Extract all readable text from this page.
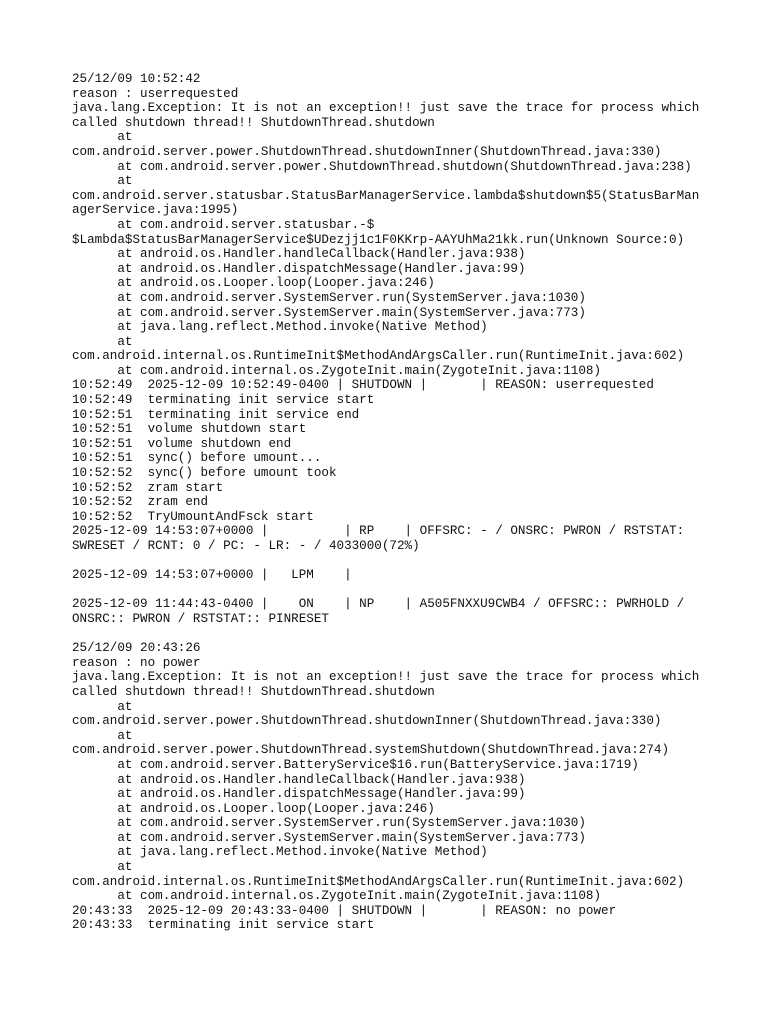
25/12/09 10:52:42
reason : userrequested
java.lang.Exception: It is not an exception!! just save the trace for process which
called shutdown thread!! ShutdownThread.shutdown
at
com.android.server.power.ShutdownThread.shutdownInner(ShutdownThread.java:330)
at com.android.server.power.ShutdownThread.shutdown(ShutdownThread.java:238)
at
com.android.server.statusbar.StatusBarManagerService.lambda$shutdown$5(StatusBarMan
agerService.java:1995)
at com.android.server.statusbar.-$
$Lambda$StatusBarManagerService$UDezjj1c1F0KKrp-AAYUhMa21kk.run(Unknown Source:0)
at android.os.Handler.handleCallback(Handler.java:938)
at android.os.Handler.dispatchMessage(Handler.java:99)
at android.os.Looper.loop(Looper.java:246)
at com.android.server.SystemServer.run(SystemServer.java:1030)
at com.android.server.SystemServer.main(SystemServer.java:773)
at java.lang.reflect.Method.invoke(Native Method)
at
com.android.internal.os.RuntimeInit$MethodAndArgsCaller.run(RuntimeInit.java:602)
at com.android.internal.os.ZygoteInit.main(ZygoteInit.java:1108)
10:52:49  2025-12-09 10:52:49-0400 | SHUTDOWN |       | REASON: userrequested
10:52:49  terminating init service start
10:52:51  terminating init service end
10:52:51  volume shutdown start
10:52:51  volume shutdown end
10:52:51  sync() before umount...
10:52:52  sync() before umount took
10:52:52  zram start
10:52:52  zram end
10:52:52  TryUmountAndFsck start
2025-12-09 14:53:07+0000 |          | RP    | OFFSRC: - / ONSRC: PWRON / RSTSTAT:
SWRESET / RCNT: 0 / PC: - LR: - / 4033000(72%)

2025-12-09 14:53:07+0000 |   LPM    |

2025-12-09 11:44:43-0400 |    ON    | NP    | A505FNXXU9CWB4 / OFFSRC:: PWRHOLD /
ONSRC:: PWRON / RSTSTAT:: PINRESET

25/12/09 20:43:26
reason : no power
java.lang.Exception: It is not an exception!! just save the trace for process which
called shutdown thread!! ShutdownThread.shutdown
at
com.android.server.power.ShutdownThread.shutdownInner(ShutdownThread.java:330)
at
com.android.server.power.ShutdownThread.systemShutdown(ShutdownThread.java:274)
at com.android.server.BatteryService$16.run(BatteryService.java:1719)
at android.os.Handler.handleCallback(Handler.java:938)
at android.os.Handler.dispatchMessage(Handler.java:99)
at android.os.Looper.loop(Looper.java:246)
at com.android.server.SystemServer.run(SystemServer.java:1030)
at com.android.server.SystemServer.main(SystemServer.java:773)
at java.lang.reflect.Method.invoke(Native Method)
at
com.android.internal.os.RuntimeInit$MethodAndArgsCaller.run(RuntimeInit.java:602)
at com.android.internal.os.ZygoteInit.main(ZygoteInit.java:1108)
20:43:33  2025-12-09 20:43:33-0400 | SHUTDOWN |       | REASON: no power
20:43:33  terminating init service start
